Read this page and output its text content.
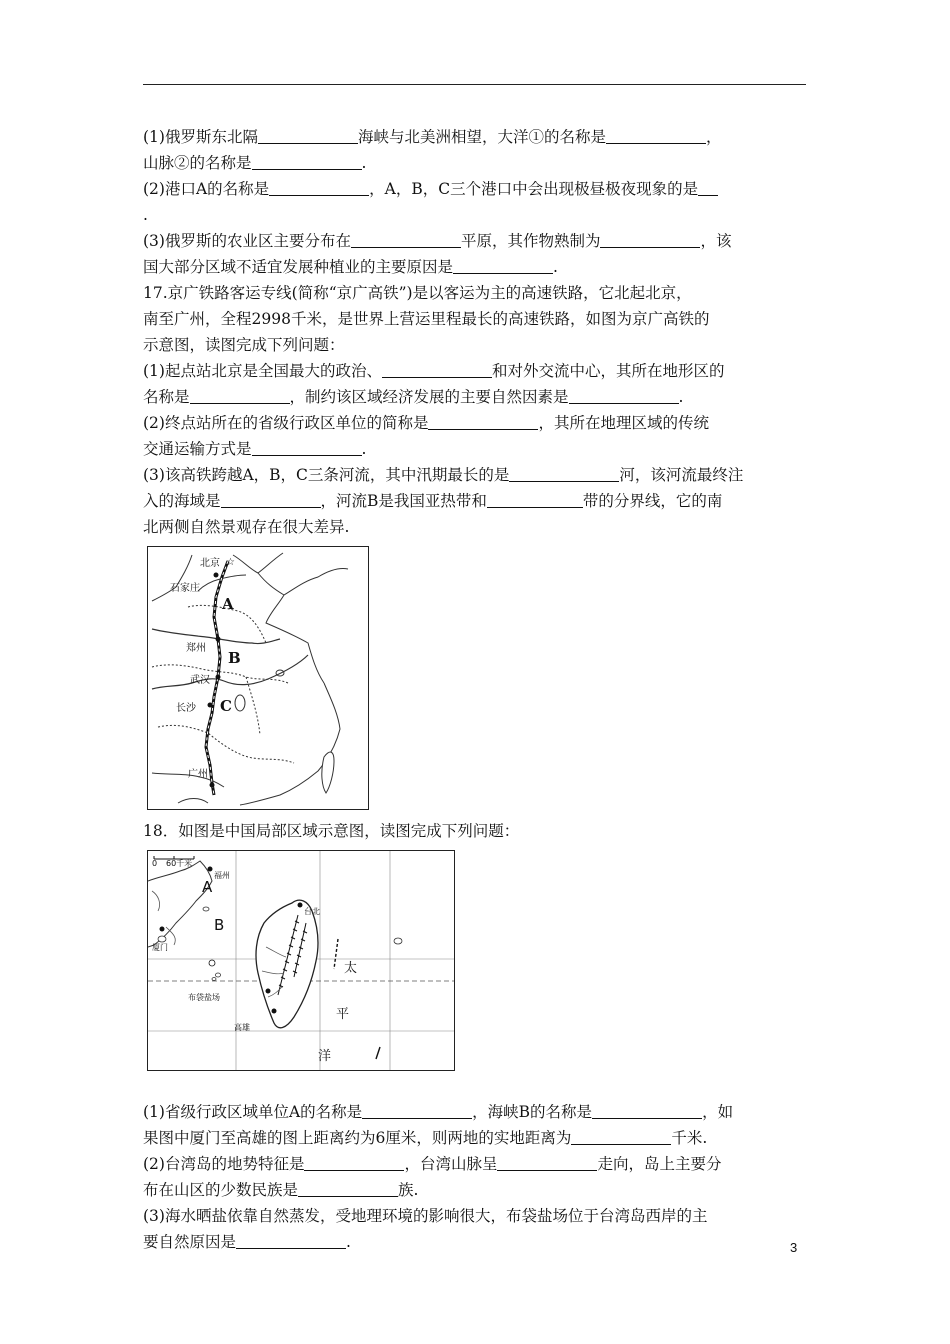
(1)俄罗斯东北隔	海峡与北美洲相望，大洋①的名称是	，
山脉②的名称是	.
(2)港口A的名称是	，A，B，C三个港口中会出现极昼极夜现象的是
.
(3)俄罗斯的农业区主要分布在	平原，其作物熟制为	，该
国大部分区域不适宜发展种植业的主要原因是	.
17.京广铁路客运专线(简称“京广高铁”)是以客运为主的高速铁路，它北起北京，
南至广州，全程2998千米，是世界上营运里程最长的高速铁路，如图为京广高铁的
示意图，读图完成下列问题：
(1)起点站北京是全国最大的政治、	和对外交流中心，其所在地形区的
名称是	，制约该区域经济发展的主要自然因素是	.
(2)终点站所在的省级行政区单位的简称是	，其所在地理区域的传统
交通运输方式是	.
(3)该高铁跨越A，B，C三条河流，其中汛期最长的是	河，该河流最终注
入的海域是	，河流B是我国亚热带和	带的分界线，它的南
北两侧自然景观存在很大差异.
☆
北京
石家庄
郑州
武汉
长沙
广州
A
B
C
18．如图是中国局部区域示意图，读图完成下列问题：
0 60千米
福州
厦门
台北
布袋盐场
高雄
A
B
太
平
洋
(1)省级行政区域单位A的名称是	，海峡B的名称是	，如
果图中厦门至高雄的图上距离约为6厘米，则两地的实地距离为	千米.
(2)台湾岛的地势特征是	，台湾山脉呈	走向，岛上主要分
布在山区的少数民族是	族.
(3)海水晒盐依靠自然蒸发，受地理环境的影响很大，布袋盐场位于台湾岛西岸的主
要自然原因是	.	3
